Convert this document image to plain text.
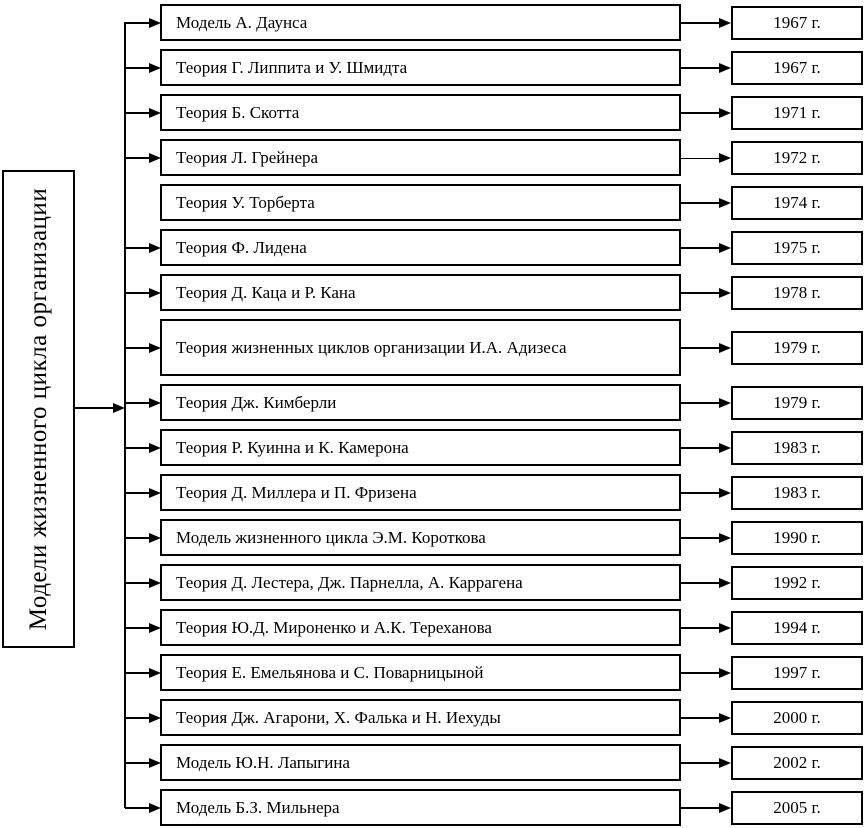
Модели жизненного цикла организации
Модель А. Даунса	1967 г.
Теория Г. Липпита и У. Шмидта	1967 г.
Теория Б. Скотта	1971 г.
Теория Л. Грейнера	1972 г.
Теория У. Торберта	1974 г.
Теория Ф. Лидена	1975 г.
Теория Д. Каца и Р. Кана	1978 г.
Теория жизненных циклов организации И.А. Адизеса	1979 г.
Теория Дж. Кимберли	1979 г.
Теория Р. Куинна и К. Камерона	1983 г.
Теория Д. Миллера и П. Фризена	1983 г.
Модель жизненного цикла Э.М. Короткова	1990 г.
Теория Д. Лестера, Дж. Парнелла, А. Каррагена	1992 г.
Теория Ю.Д. Мироненко и А.К. Тереханова	1994 г.
Теория Е. Емельянова и С. Поварницыной	1997 г.
Теория Дж. Агарони, Х. Фалька и Н. Иехуды	2000 г.
Модель Ю.Н. Лапыгина	2002 г.
Модель Б.З. Мильнера	2005 г.
